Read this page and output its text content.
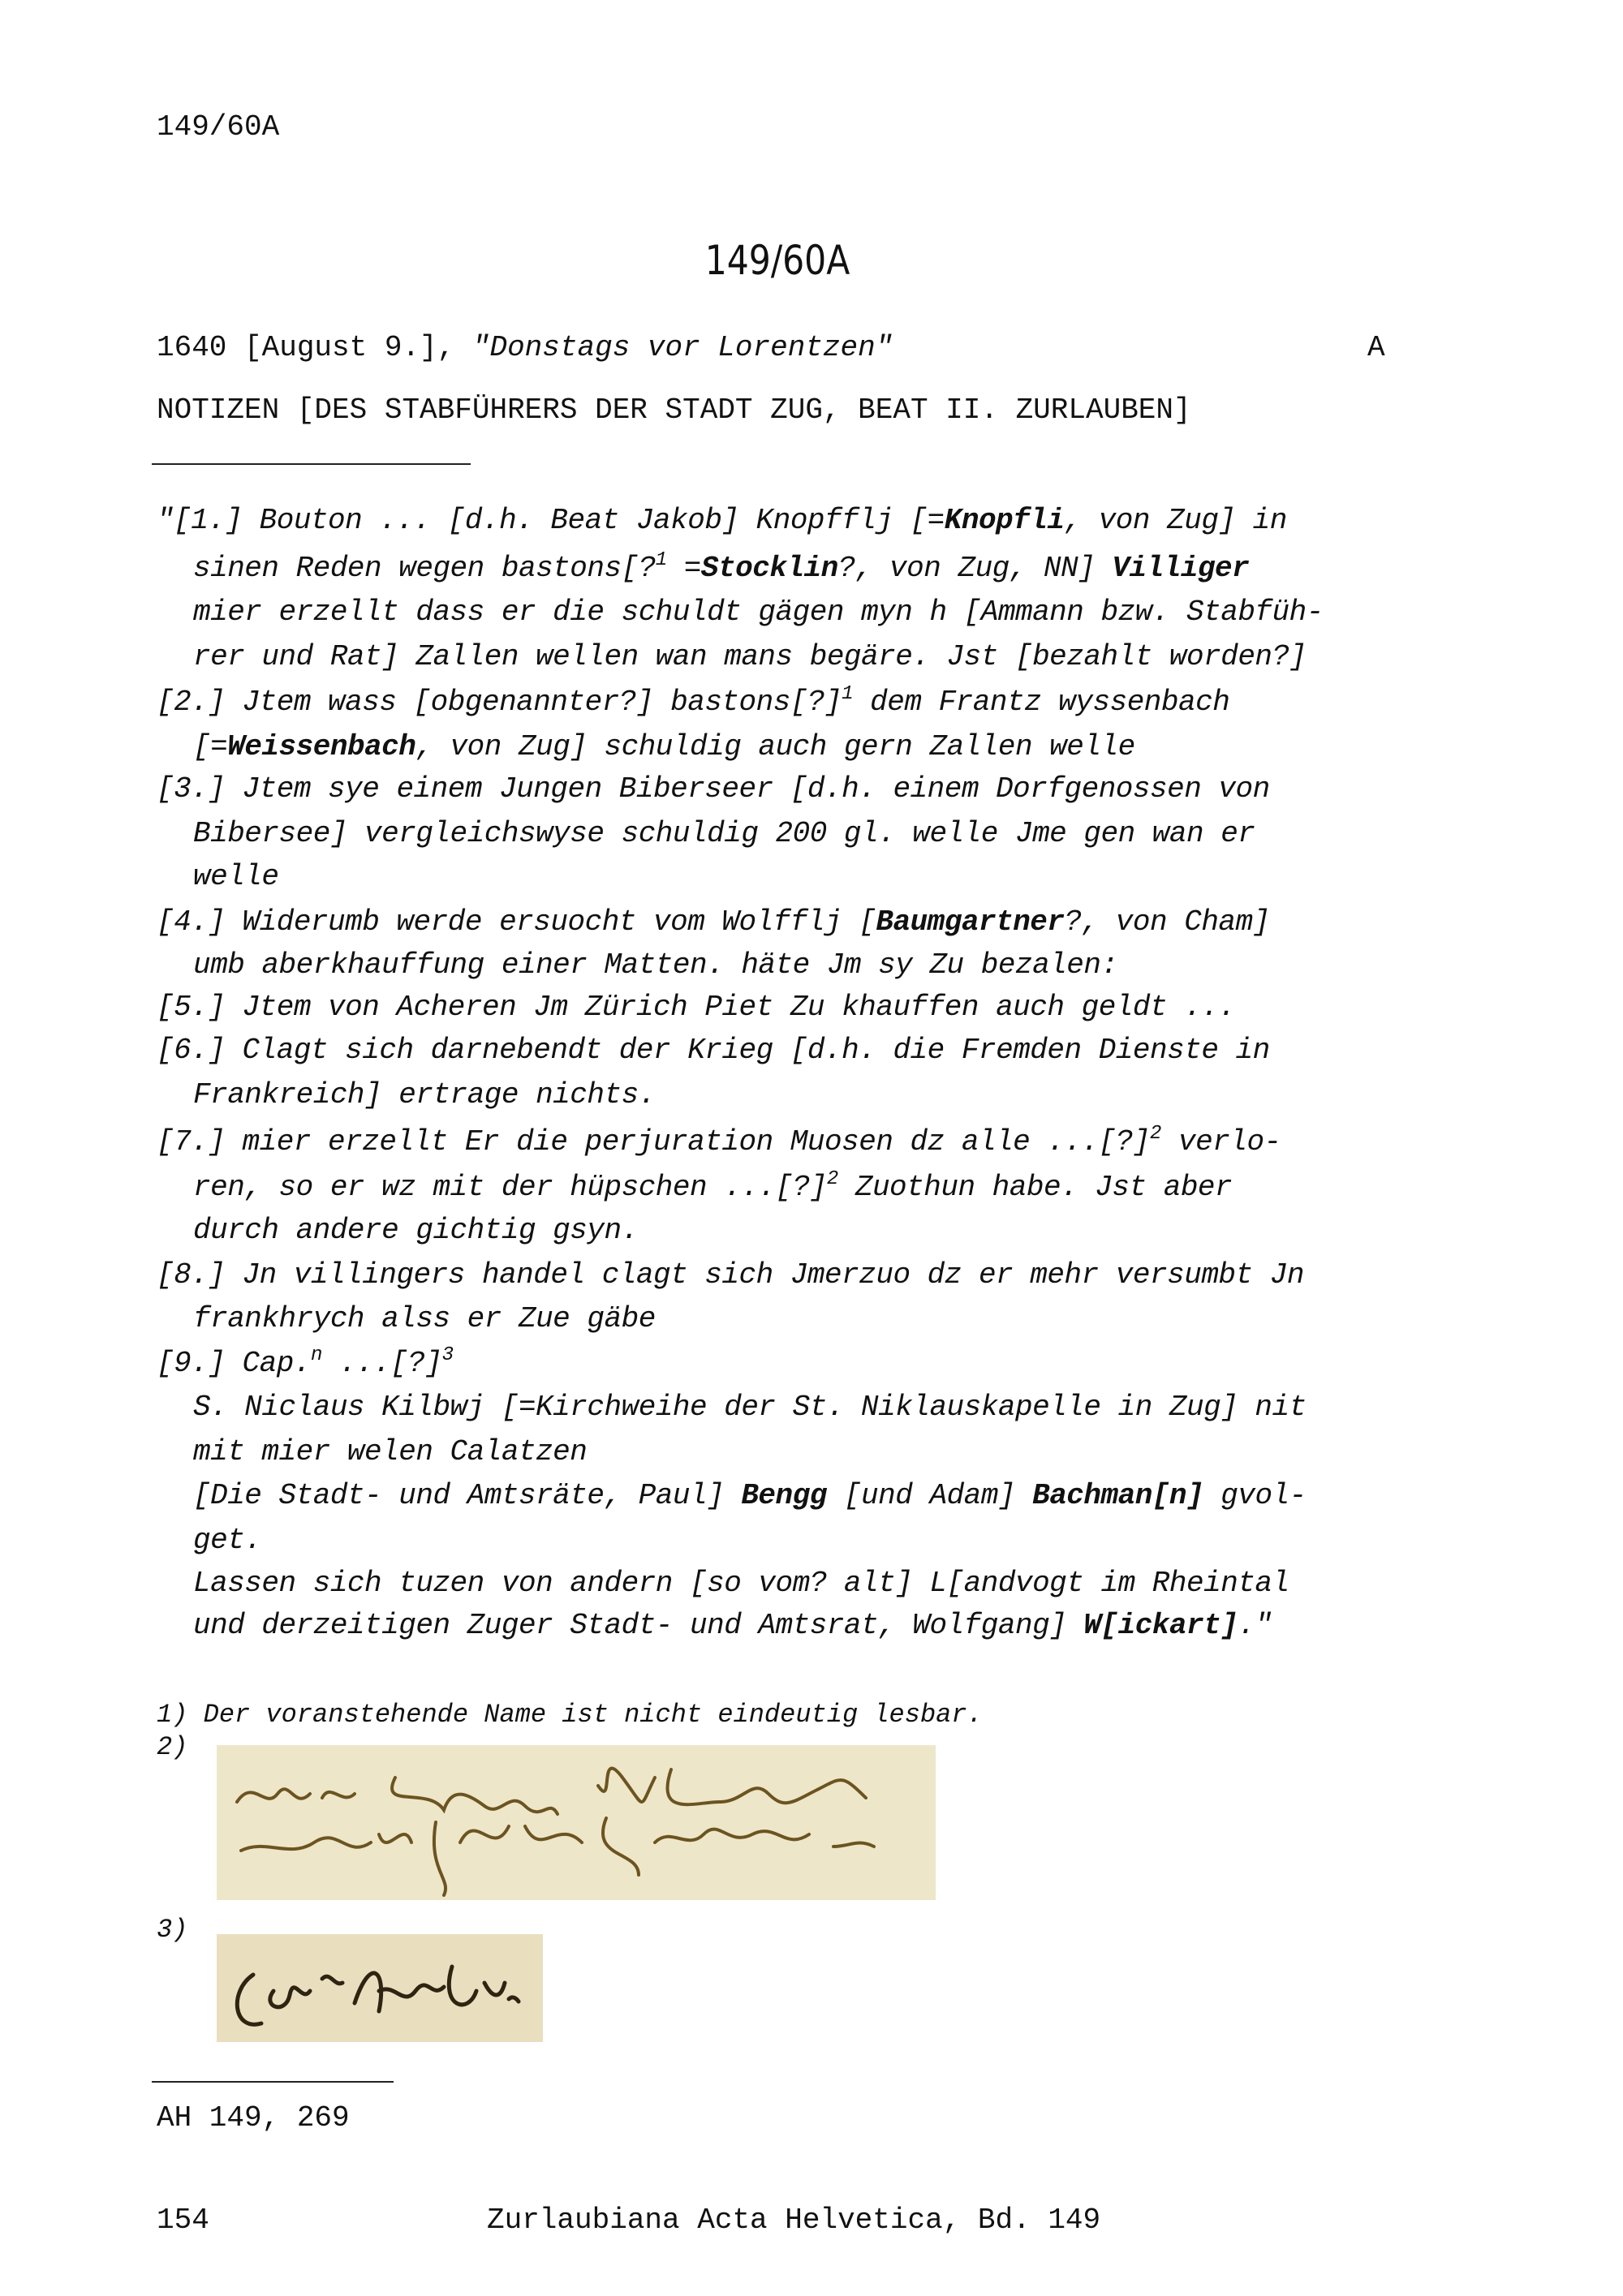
149/60A
149/60A
1640 [August 9.], "Donstags vor Lorentzen"	A
NOTIZEN [DES STABFÜHRERS DER STADT ZUG, BEAT II. ZURLAUBEN]
"[1.] Bouton ... [d.h. Beat Jakob] Knopfflj [=Knopfli, von Zug] in
sinen Reden wegen bastons[?$^1$ =Stocklin?, von Zug, NN] Villiger
mier erzellt dass er die schuldt gägen myn h [Ammann bzw. Stabfüh-
rer und Rat] Zallen wellen wan mans begäre. Jst [bezahlt worden?]
[2.] Jtem wass [obgenannter?] bastons[?]$^1$ dem Frantz wyssenbach
[=Weissenbach, von Zug] schuldig auch gern Zallen welle
[3.] Jtem sye einem Jungen Biberseer [d.h. einem Dorfgenossen von
Bibersee] vergleichswyse schuldig 200 gl. welle Jme gen wan er
welle
[4.] Widerumb werde ersuocht vom Wolfflj [Baumgartner?, von Cham]
umb aberkhauffung einer Matten. häte Jm sy Zu bezalen:
[5.] Jtem von Acheren Jm Zürich Piet Zu khauffen auch geldt ...
[6.] Clagt sich darnebendt der Krieg [d.h. die Fremden Dienste in
Frankreich] ertrage nichts.
[7.] mier erzellt Er die perjuration Muosen dz alle ...[?]$^2$ verlo-
ren, so er wz mit der hüpschen ...[?]$^2$ Zuothun habe. Jst aber
durch andere gichtig gsyn.
[8.] Jn villingers handel clagt sich Jmerzuo dz er mehr versumbt Jn
frankhrych alss er Zue gäbe
[9.] Cap.$^n$ ...[?]$^3$
S. Niclaus Kilbwj [=Kirchweihe der St. Niklauskapelle in Zug] nit
mit mier welen Calatzen
[Die Stadt- und Amtsräte, Paul] Bengg [und Adam] Bachman[n] gvol-
get.
Lassen sich tuzen von andern [so vom? alt] L[andvogt im Rheintal
und derzeitigen Zuger Stadt- und Amtsrat, Wolfgang] W[ickart]."
1) Der voranstehende Name ist nicht eindeutig lesbar.
2)
3)
AH 149, 269
154	Zurlaubiana Acta Helvetica, Bd. 149
